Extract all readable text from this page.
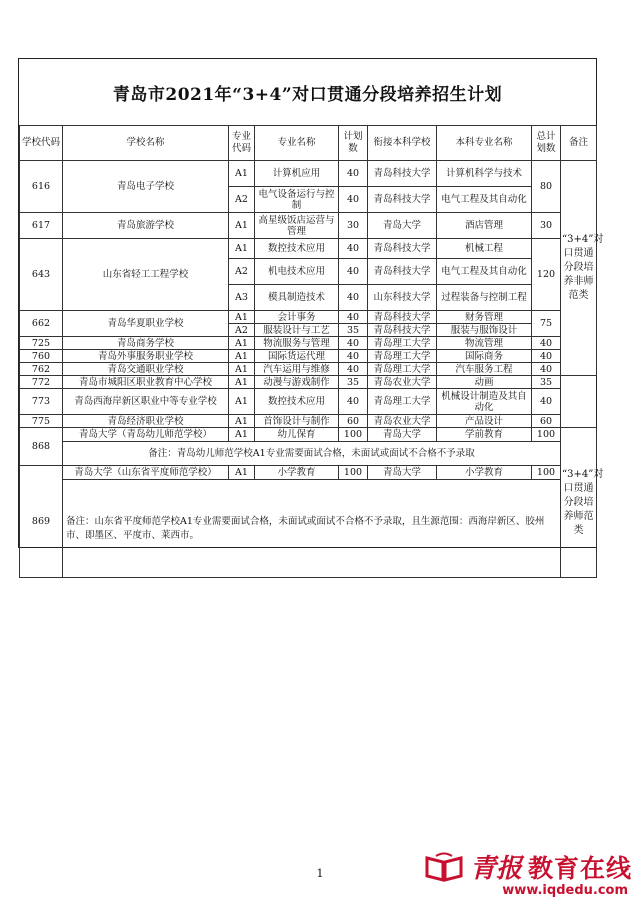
青岛市2021年“3+4”对口贯通分段培养招生计划
学校代码	学校名称	专业代码	专业名称	计划数	衔接本科学校	本科专业名称	总计划数	备注
616	青岛电子学校	A1	计算机应用	40	青岛科技大学	计算机科学与技术	80	“3+4”对口贯通分段培养非师范类
		A2	电气设备运行与控制	40	青岛科技大学	电气工程及其自动化		
617	青岛旅游学校	A1	高星级饭店运营与管理	30	青岛大学	酒店管理	30	
643	山东省轻工工程学校	A1	数控技术应用	40	青岛科技大学	机械工程	120	
		A2	机电技术应用	40	青岛科技大学	电气工程及其自动化		
		A3	模具制造技术	40	山东科技大学	过程装备与控制工程		
662	青岛华夏职业学校	A1	会计事务	40	青岛科技大学	财务管理	75	
		A2	服装设计与工艺	35	青岛科技大学	服装与服饰设计		
725	青岛商务学校	A1	物流服务与管理	40	青岛理工大学	物流管理	40	
760	青岛外事服务职业学校	A1	国际货运代理	40	青岛理工大学	国际商务	40	
762	青岛交通职业学校	A1	汽车运用与维修	40	青岛理工大学	汽车服务工程	40	
772	青岛市城阳区职业教育中心学校	A1	动漫与游戏制作	35	青岛农业大学	动画	35	
773	青岛西海岸新区职业中等专业学校	A1	数控技术应用	40	青岛理工大学	机械设计制造及其自动化	40	
775	青岛经济职业学校	A1	首饰设计与制作	60	青岛农业大学	产品设计	60	
868	青岛大学（青岛幼儿师范学校）	A1	幼儿保育	100	青岛大学	学前教育	100	“3+4”对口贯通分段培养师范类
	备注：青岛幼儿师范学校A1专业需要面试合格，未面试或面试不合格不予录取							
869	青岛大学（山东省平度师范学校）	A1	小学教育	100	青岛大学	小学教育	100	
	备注：山东省平度师范学校A1专业需要面试合格，未面试或面试不合格不予录取，且生源范围：西海岸新区、胶州市、即墨区、平度市、莱西市。							
1	青报 教育在线
www.iqdedu.com
